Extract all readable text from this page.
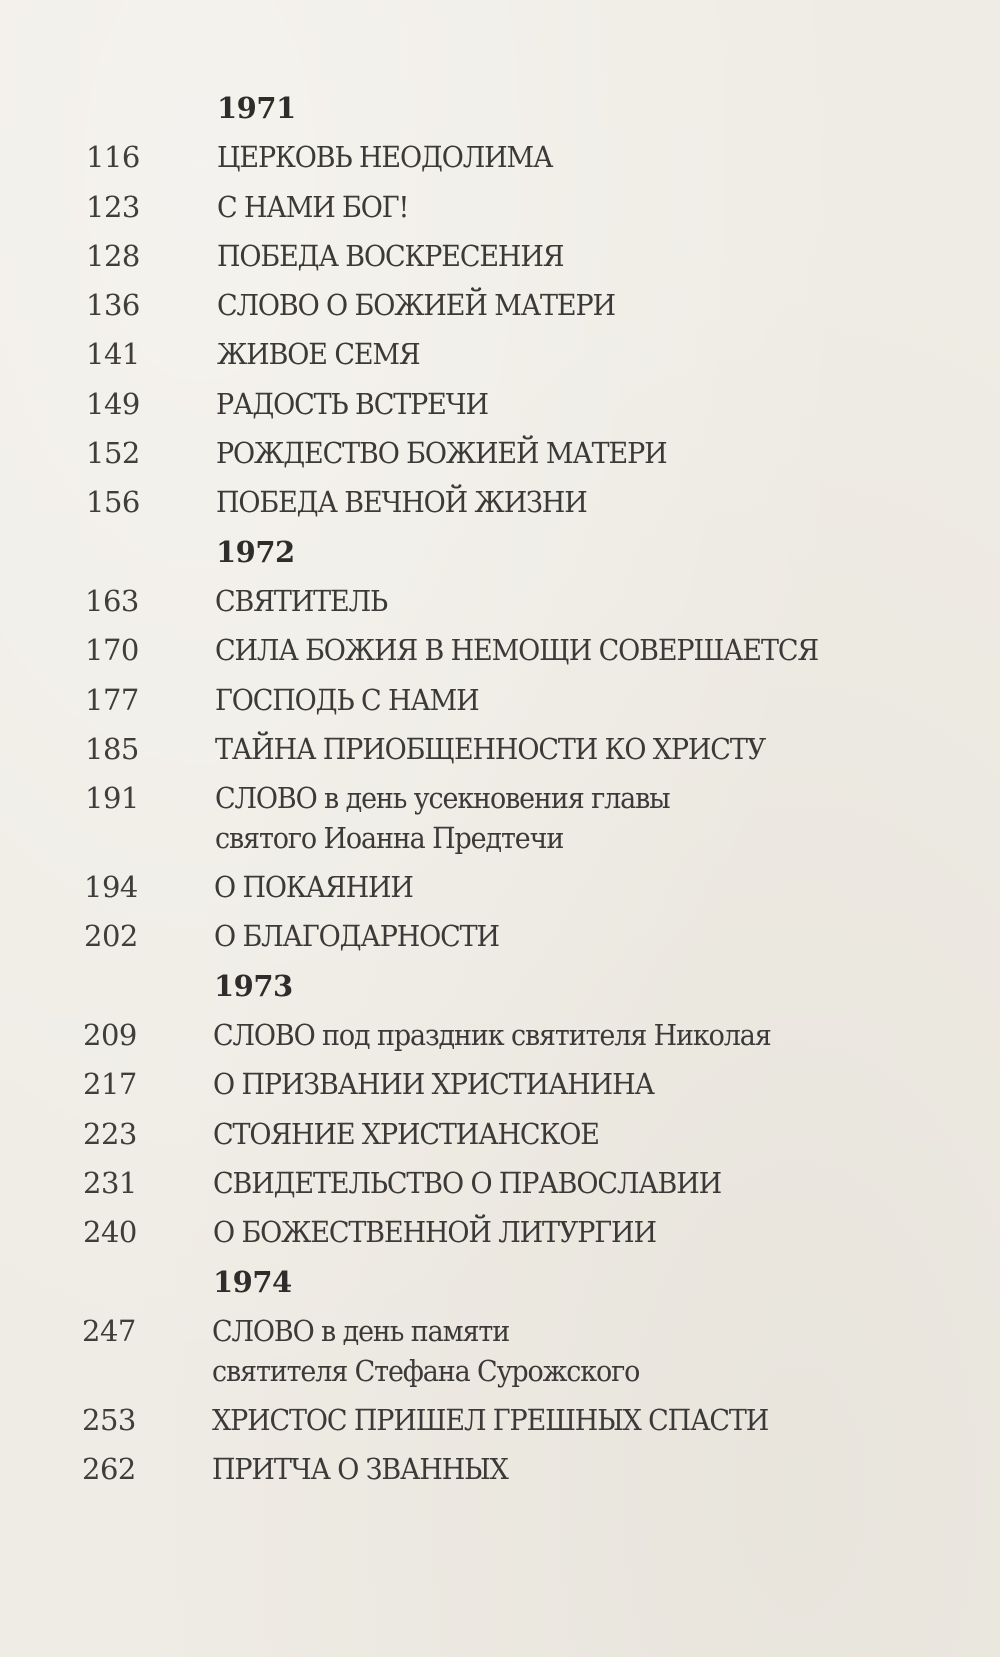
1971
116	ЦЕРКОВЬ НЕОДОЛИМА
123	С НАМИ БОГ!
128	ПОБЕДА ВОСКРЕСЕНИЯ
136	СЛОВО О БОЖИЕЙ МАТЕРИ
141	ЖИВОЕ СЕМЯ
149	РАДОСТЬ ВСТРЕЧИ
152	РОЖДЕСТВО БОЖИЕЙ МАТЕРИ
156	ПОБЕДА ВЕЧНОЙ ЖИЗНИ
1972
163	СВЯТИТЕЛЬ
170	СИЛА БОЖИЯ В НЕМОЩИ СОВЕРШАЕТСЯ
177	ГОСПОДЬ С НАМИ
185	ТАЙНА ПРИОБЩЕННОСТИ КО ХРИСТУ
191	СЛОВО в день усекновения главы
святого Иоанна Предтечи
194	О ПОКАЯНИИ
202	О БЛАГОДАРНОСТИ
1973
209	СЛОВО под праздник святителя Николая
217	О ПРИЗВАНИИ ХРИСТИАНИНА
223	СТОЯНИЕ ХРИСТИАНСКОЕ
231	СВИДЕТЕЛЬСТВО О ПРАВОСЛАВИИ
240	О БОЖЕСТВЕННОЙ ЛИТУРГИИ
1974
247	СЛОВО в день памяти
святителя Стефана Сурожского
253	ХРИСТОС ПРИШЕЛ ГРЕШНЫХ СПАСТИ
262	ПРИТЧА О ЗВАННЫХ
